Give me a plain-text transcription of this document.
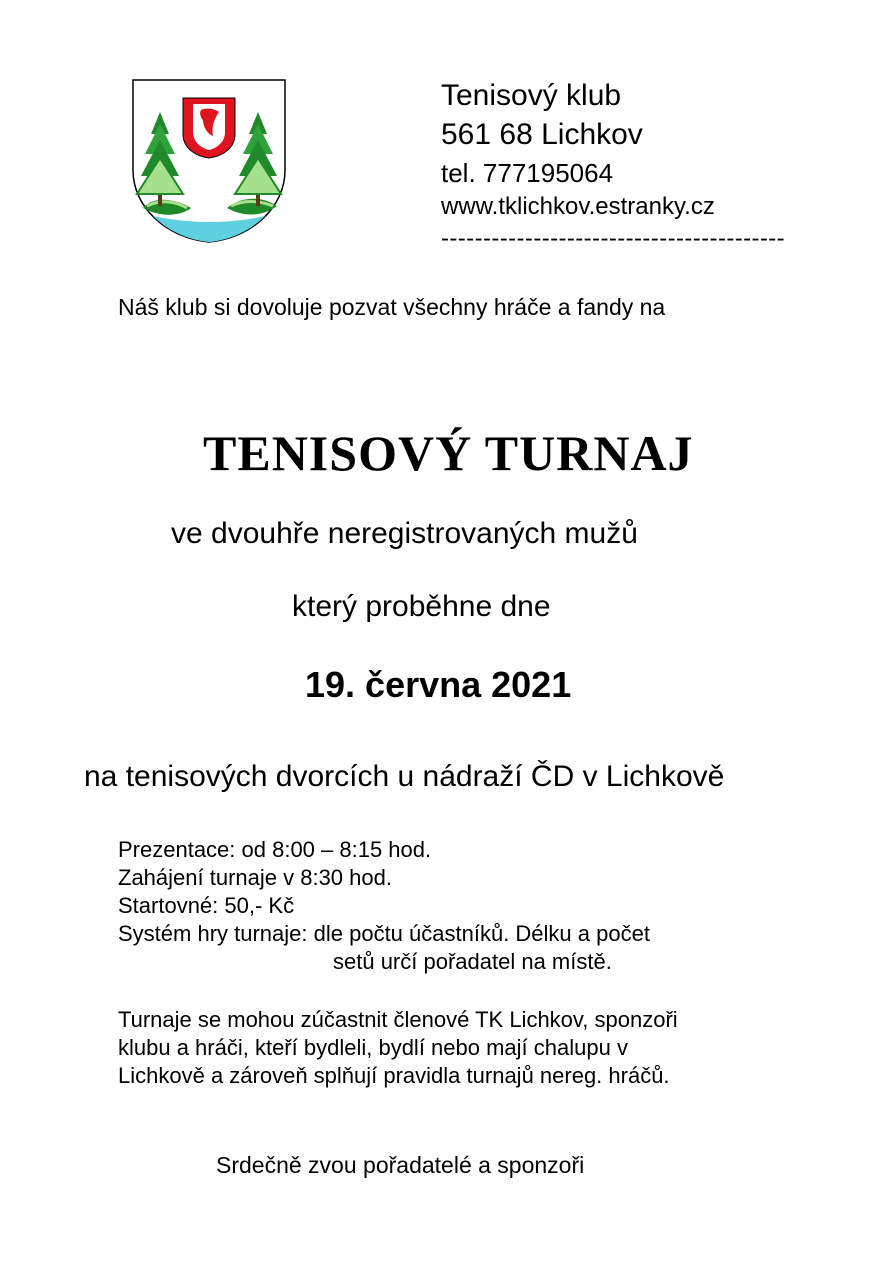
Tenisový klub
561 68 Lichkov
tel. 777195064
www.tklichkov.estranky.cz
-----------------------------------------
Náš klub si dovoluje pozvat všechny hráče a fandy na
TENISOVÝ TURNAJ
ve dvouhře neregistrovaných mužů
který proběhne dne
19. června 2021
na tenisových dvorcích u nádraží ČD v Lichkově
Prezentace: od 8:00 – 8:15 hod.
Zahájení turnaje v 8:30 hod.
Startovné: 50,- Kč
Systém hry turnaje: dle počtu účastníků. Délku a počet
setů určí pořadatel na místě.
Turnaje se mohou zúčastnit členové TK Lichkov, sponzoři
klubu a hráči, kteří bydleli, bydlí nebo mají chalupu v
Lichkově a zároveň splňují pravidla turnajů nereg. hráčů.
Srdečně zvou pořadatelé a sponzoři
